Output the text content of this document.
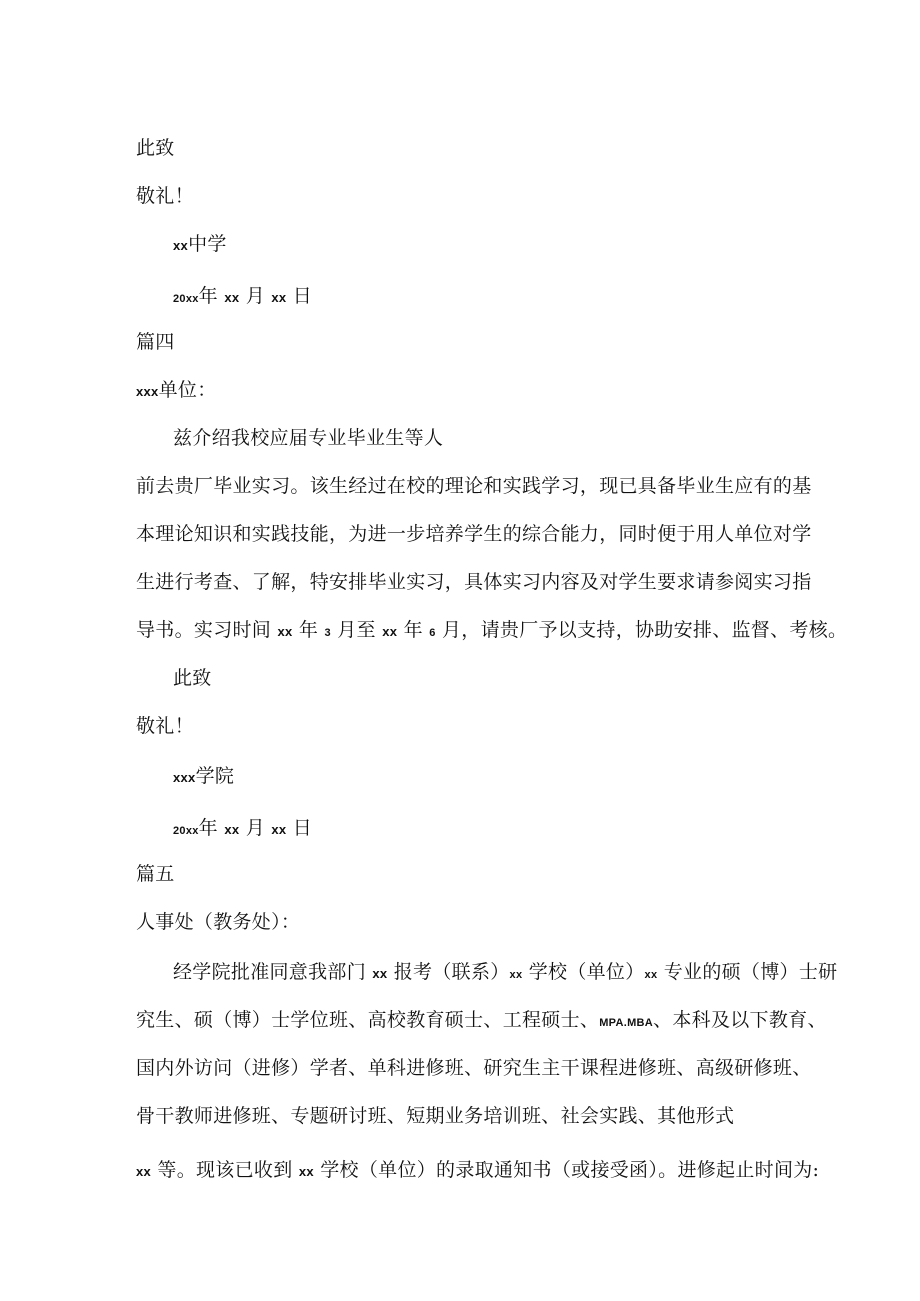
此致
敬礼！
xx中学
20xx年 xx 月 xx 日
篇四
xxx单位：
兹介绍我校应届专业毕业生等人
前去贵厂毕业实习。该生经过在校的理论和实践学习，现已具备毕业生应有的基
本理论知识和实践技能，为进一步培养学生的综合能力，同时便于用人单位对学
生进行考查、了解，特安排毕业实习，具体实习内容及对学生要求请参阅实习指
导书。实习时间 xx 年 3 月至 xx 年 6 月，请贵厂予以支持，协助安排、监督、考核。
此致
敬礼！
xxx学院
20xx年 xx 月 xx 日
篇五
人事处（教务处）：
经学院批准同意我部门 xx 报考（联系）xx 学校（单位）xx 专业的硕（博）士研
究生、硕（博）士学位班、高校教育硕士、工程硕士、MPA.MBA、本科及以下教育、
国内外访问（进修）学者、单科进修班、研究生主干课程进修班、高级研修班、
骨干教师进修班、专题研讨班、短期业务培训班、社会实践、其他形式
xx 等。现该已收到 xx 学校（单位）的录取通知书（或接受函）。进修起止时间为:
